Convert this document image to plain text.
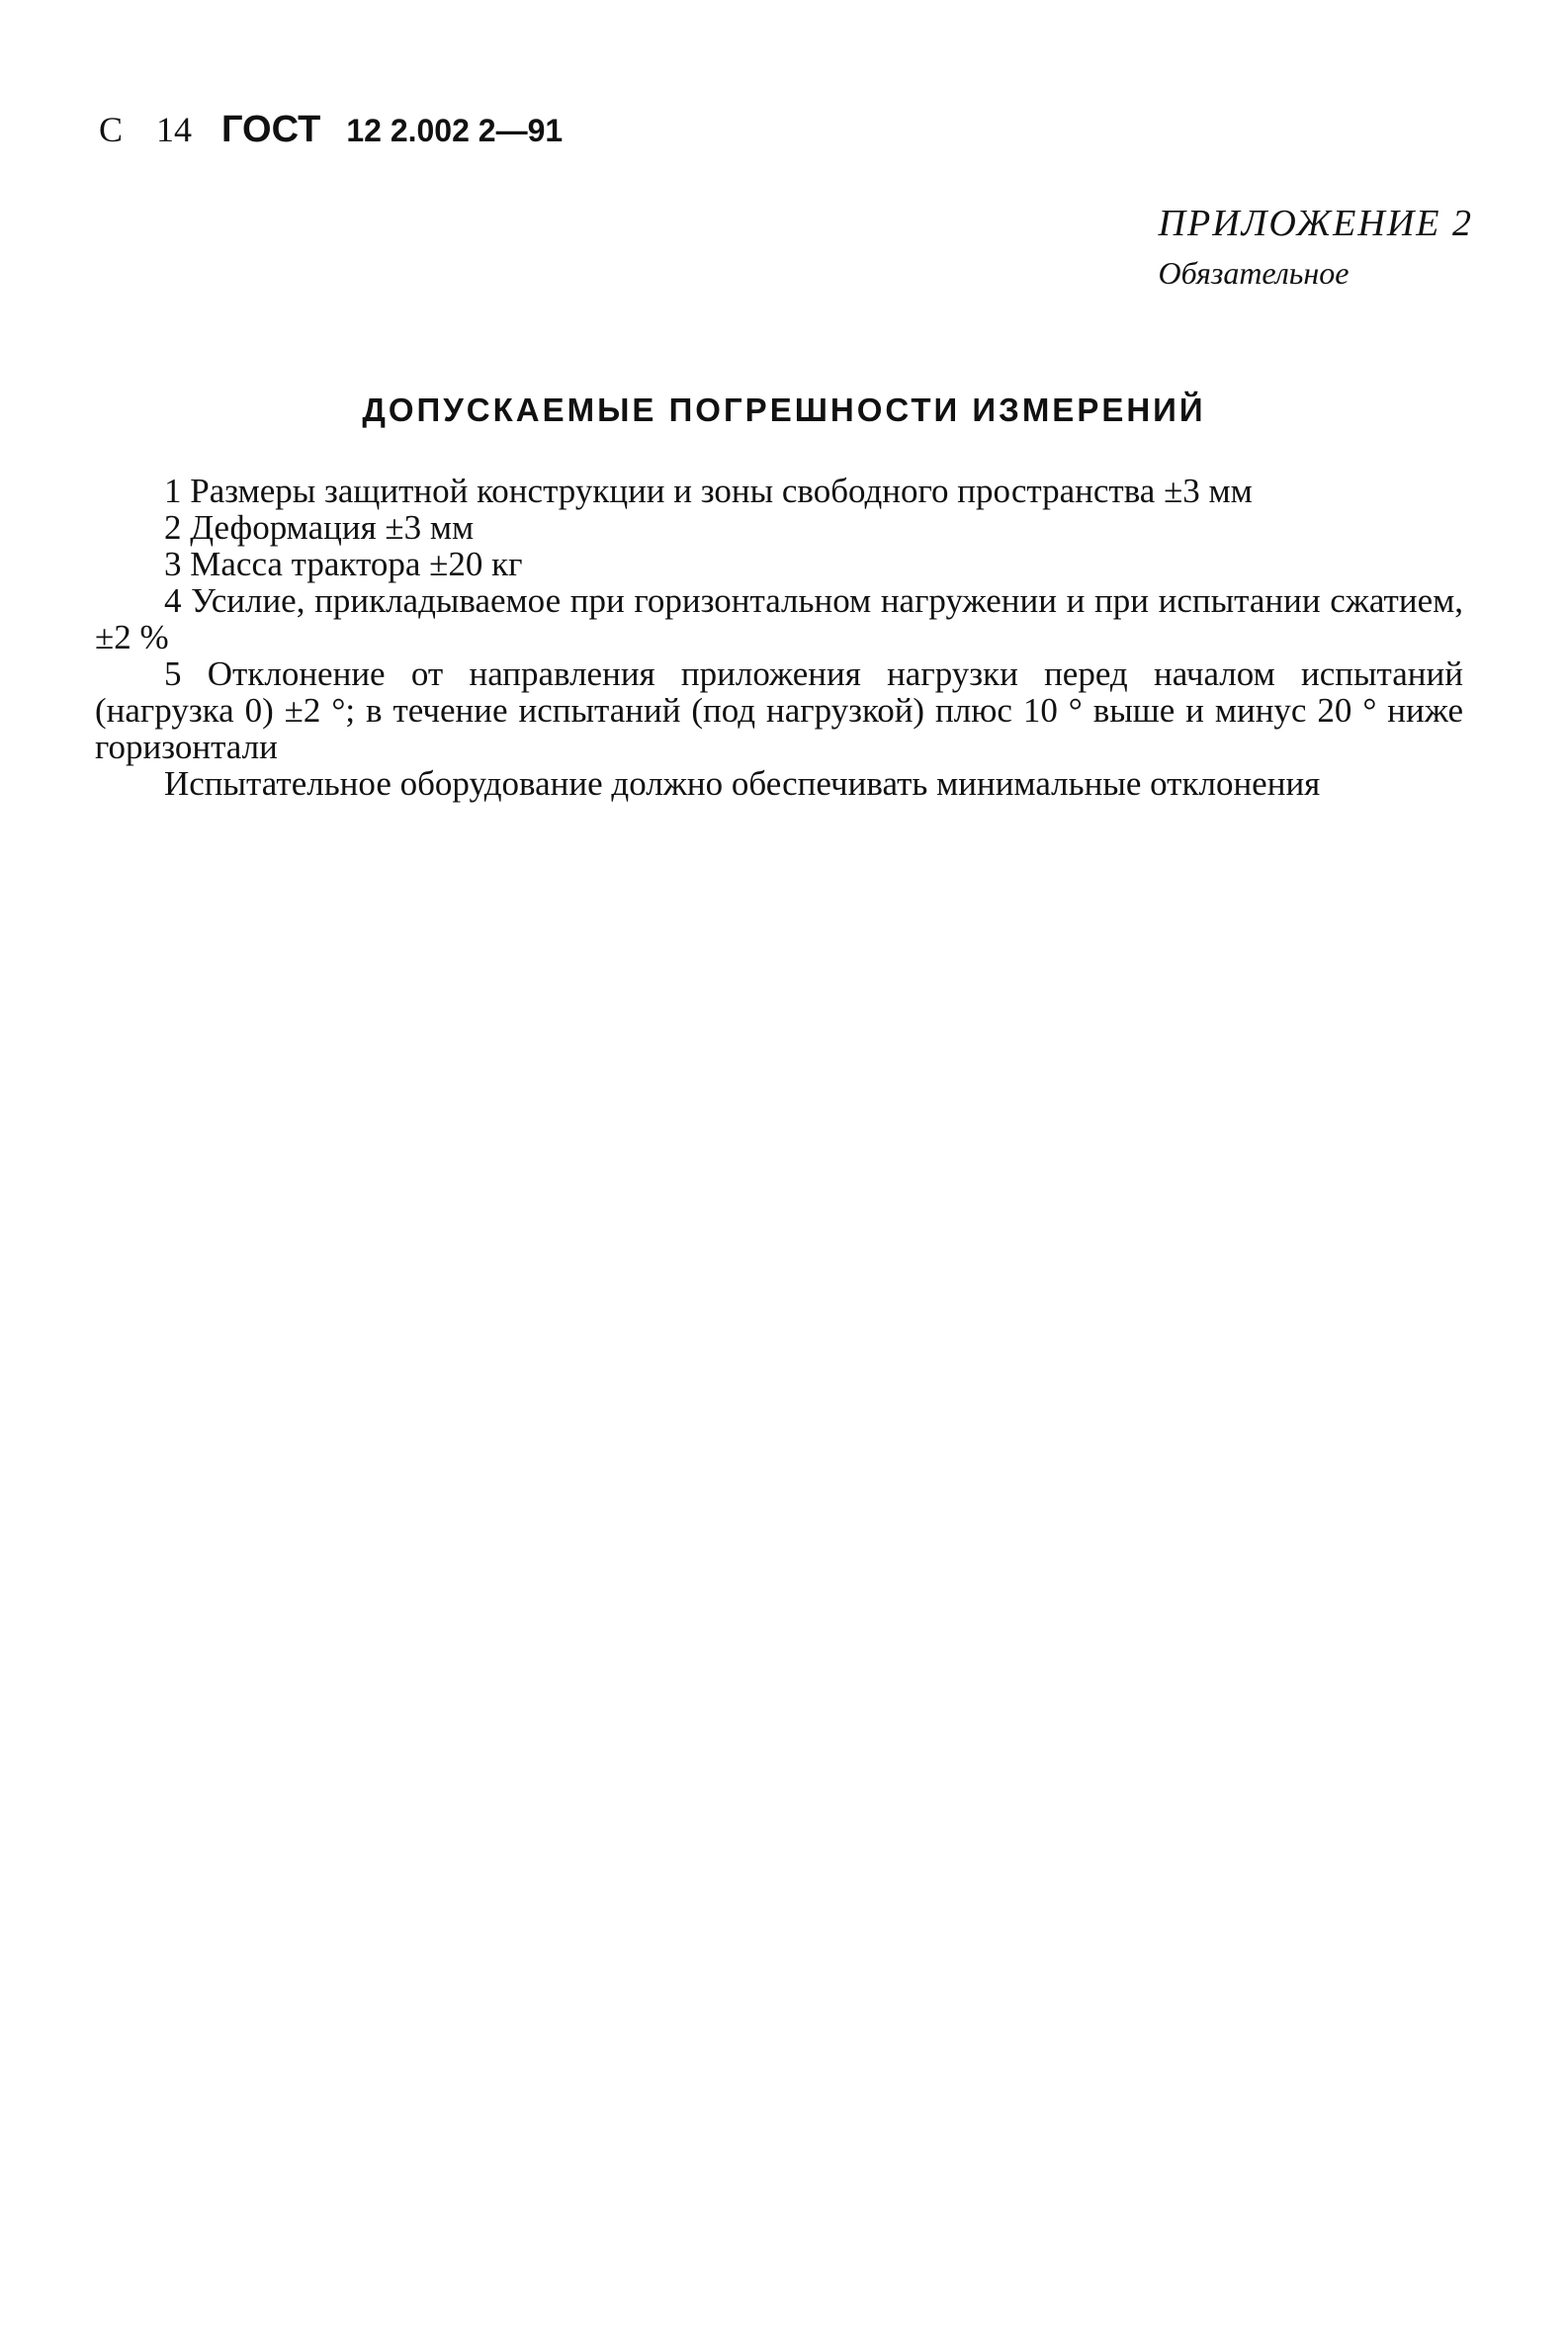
С 14 ГОСТ 12 2.002 2—91
ПРИЛОЖЕНИЕ 2
Обязательное
ДОПУСКАЕМЫЕ ПОГРЕШНОСТИ ИЗМЕРЕНИЙ

1 Размеры защитной конструкции и зоны свободного пространства ±3 мм

2 Деформация ±3 мм

3 Масса трактора ±20 кг

4 Усилие, прикладываемое при горизонтальном нагружении и при испытании сжатием, ±2 %

5 Отклонение от направления приложения нагрузки перед началом испытаний (нагрузка 0) ±2 °; в течение испытаний (под нагрузкой) плюс 10 ° выше и минус 20 ° ниже горизонтали

Испытательное оборудование должно обеспечивать минимальные отклонения
